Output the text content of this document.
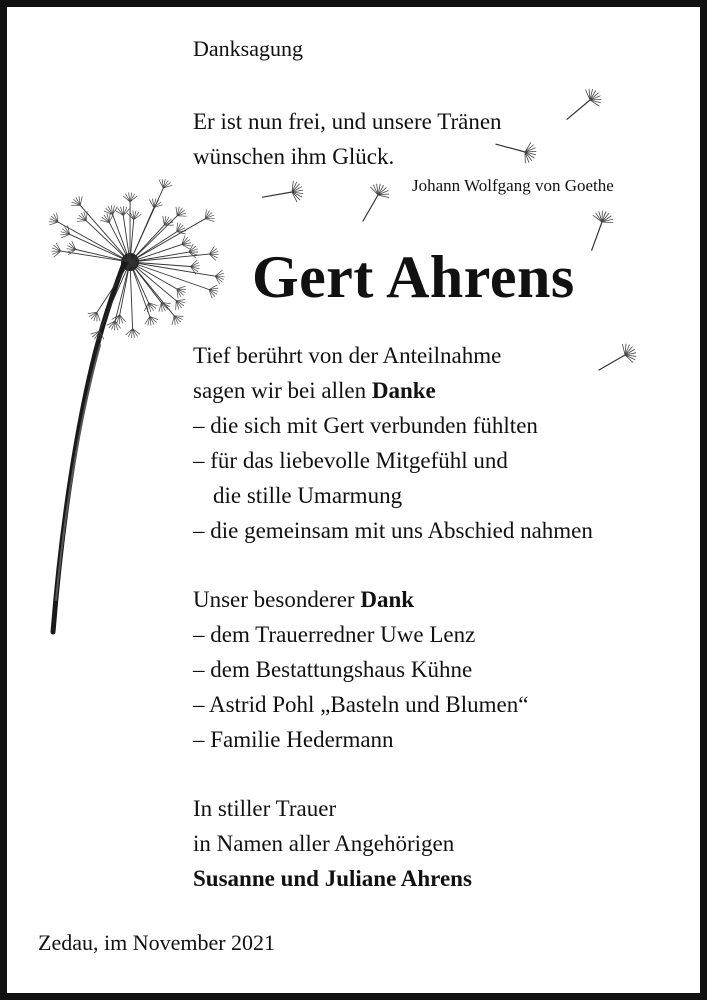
Danksagung
Er ist nun frei, und unsere Tränen
wünschen ihm Glück.
Johann Wolfgang von Goethe
Gert Ahrens
Tief berührt von der Anteilnahme
sagen wir bei allen Danke
– die sich mit Gert verbunden fühlten
– für das liebevolle Mitgefühl und
die stille Umarmung
– die gemeinsam mit uns Abschied nahmen
Unser besonderer Dank
– dem Trauerredner Uwe Lenz
– dem Bestattungshaus Kühne
– Astrid Pohl „Basteln und Blumen“
– Familie Hedermann
In stiller Trauer
in Namen aller Angehörigen
Susanne und Juliane Ahrens
Zedau, im November 2021
